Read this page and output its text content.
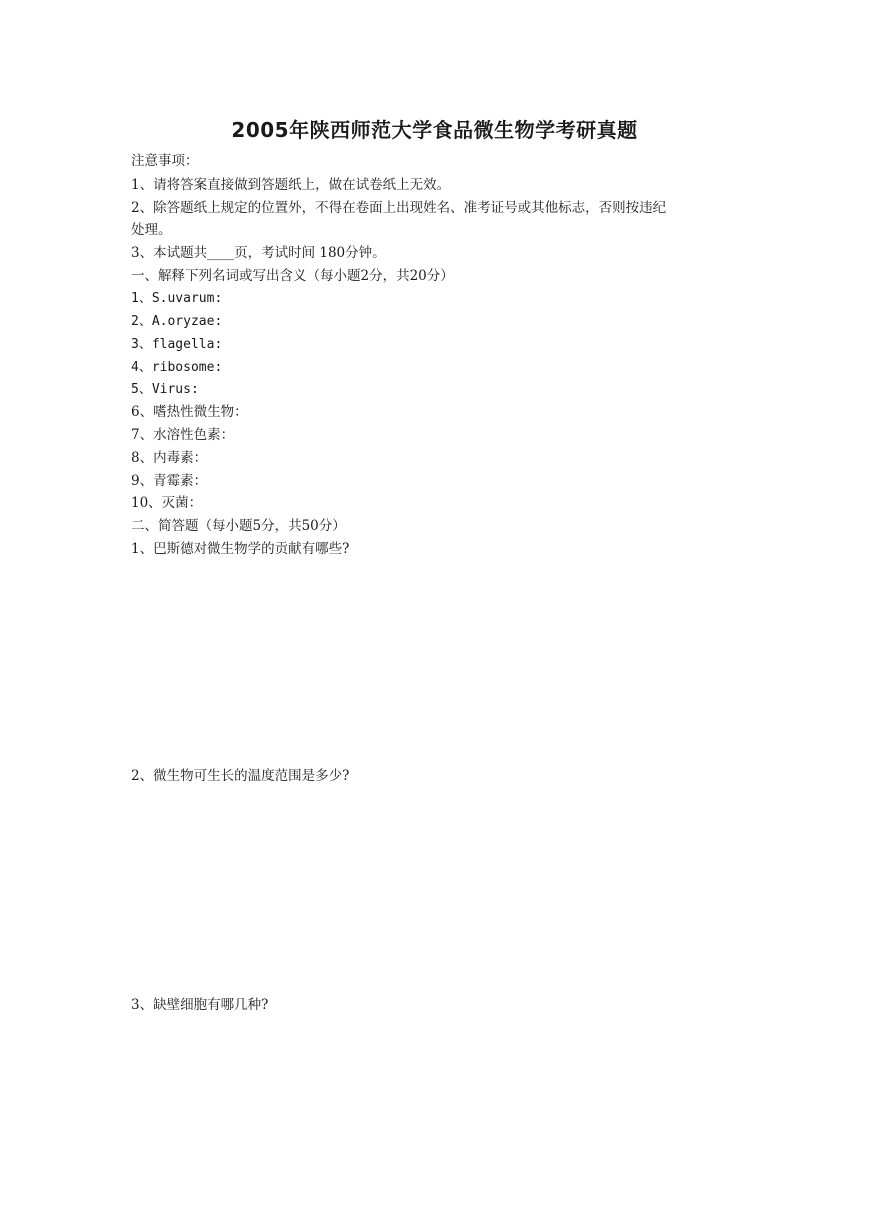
2005年陕西师范大学食品微生物学考研真题
注意事项：
1、请将答案直接做到答题纸上，做在试卷纸上无效。
2、除答题纸上规定的位置外，不得在卷面上出现姓名、准考证号或其他标志，否则按违纪
处理。
3、本试题共____页，考试时间 180分钟。
一、解释下列名词或写出含义（每小题2分，共20分）
1、S.uvarum:
2、A.oryzae:
3、flagella:
4、ribosome:
5、Virus:
6、嗜热性微生物：
7、水溶性色素：
8、内毒素：
9、青霉素：
10、灭菌：
二、简答题（每小题5分，共50分）
1、巴斯德对微生物学的贡献有哪些?
2、微生物可生长的温度范围是多少?
3、缺壁细胞有哪几种?
